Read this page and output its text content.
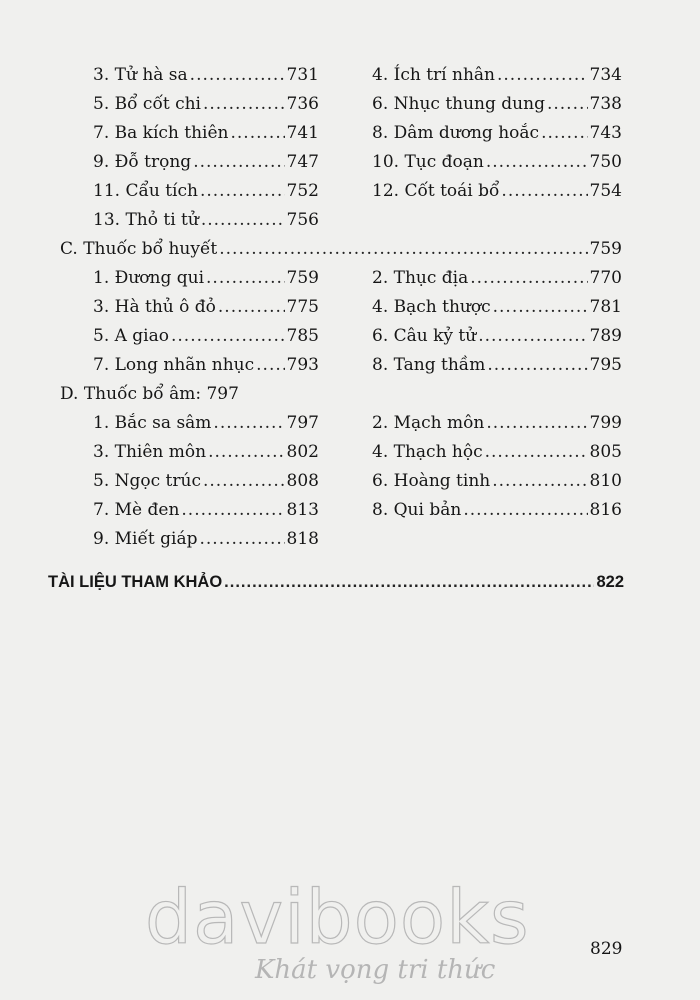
3. Tử hà sa .....	731	4. Ích trí nhân .....	734
5. Bổ cốt chi .....	736	6. Nhục thung dung .....	738
7. Ba kích thiên .....	741	8. Dâm dương hoắc .....	743
9. Đỗ trọng .....	747	10. Tục đoạn .....	750
11. Cẩu tích .....	752	12. Cốt toái bổ .....	754
13. Thỏ ti tử .....	756
C. Thuốc bổ huyết .....	759
1. Đương qui .....	759	2. Thục địa .....	770
3. Hà thủ ô đỏ .....	775	4. Bạch thược .....	781
5. A giao .....	785	6. Câu kỷ tử .....	789
7. Long nhãn nhục ..... 793	8. Tang thầm .....	795
D. Thuốc bổ âm: 797
1. Bắc sa sâm .....	797	2. Mạch môn .....	799
3. Thiên môn .....	802	4. Thạch hộc .....	805
5. Ngọc trúc .....	808	6. Hoàng tinh .....	810
7. Mè đen .....	813	8. Qui bản .....	816
9. Miết giáp .....	818
TÀI LIỆU THAM KHẢO .....	822
davibooks
Khát vọng tri thức
829
